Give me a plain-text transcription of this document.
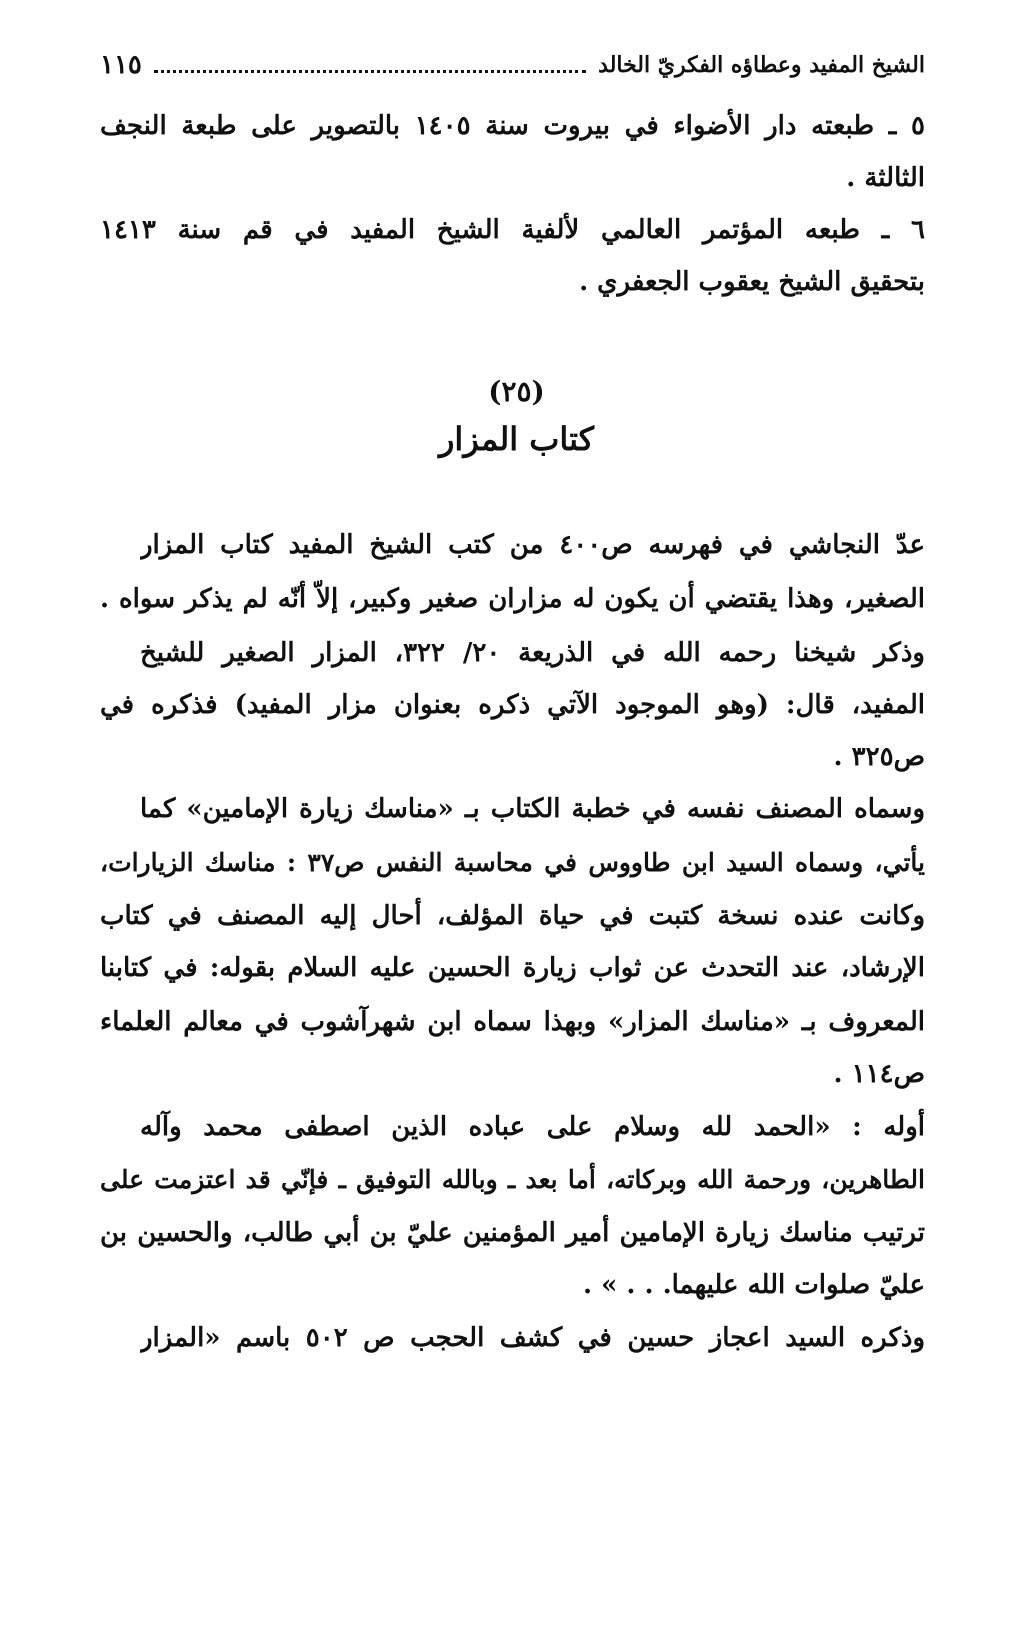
الشيخ المفيد وعطاؤه الفكريّ الخالد
١١٥
٥ ـ طبعته دار الأضواء في بيروت سنة ١٤٠٥ بالتصوير على طبعة النجف
الثالثة .
٦ ـ طبعه المؤتمر العالمي لألفية الشيخ المفيد في قم سنة ١٤١٣
بتحقيق الشيخ يعقوب الجعفري .
(٢٥)
كتاب المزار
عدّ النجاشي في فهرسه ص٤٠٠ من كتب الشيخ المفيد كتاب المزار
الصغير، وهذا يقتضي أن يكون له مزاران صغير وكبير، إلاّ أنّه لم يذكر سواه .
وذكر شيخنا رحمه الله في الذريعة ٢٠/ ٣٢٢، المزار الصغير للشيخ
المفيد، قال: (وهو الموجود الآتي ذكره بعنوان مزار المفيد) فذكره في
ص٣٢٥ .
وسماه المصنف نفسه في خطبة الكتاب بـ «مناسك زيارة الإمامين» كما
يأتي، وسماه السيد ابن طاووس في محاسبة النفس ص٣٧ : مناسك الزيارات،
وكانت عنده نسخة كتبت في حياة المؤلف، أحال إليه المصنف في كتاب
الإرشاد، عند التحدث عن ثواب زيارة الحسين عليه السلام بقوله: في كتابنا
المعروف بـ «مناسك المزار» وبهذا سماه ابن شهرآشوب في معالم العلماء
ص١١٤ .
أوله : «الحمد لله وسلام على عباده الذين اصطفى محمد وآله
الطاهرين، ورحمة الله وبركاته، أما بعد ـ وبالله التوفيق ـ فإنّي قد اعتزمت على
ترتيب مناسك زيارة الإمامين أمير المؤمنين عليّ بن أبي طالب، والحسين بن
عليّ صلوات الله عليهما. . . » .
وذكره السيد اعجاز حسين في كشف الحجب ص ٥٠٢ باسم «المزار
